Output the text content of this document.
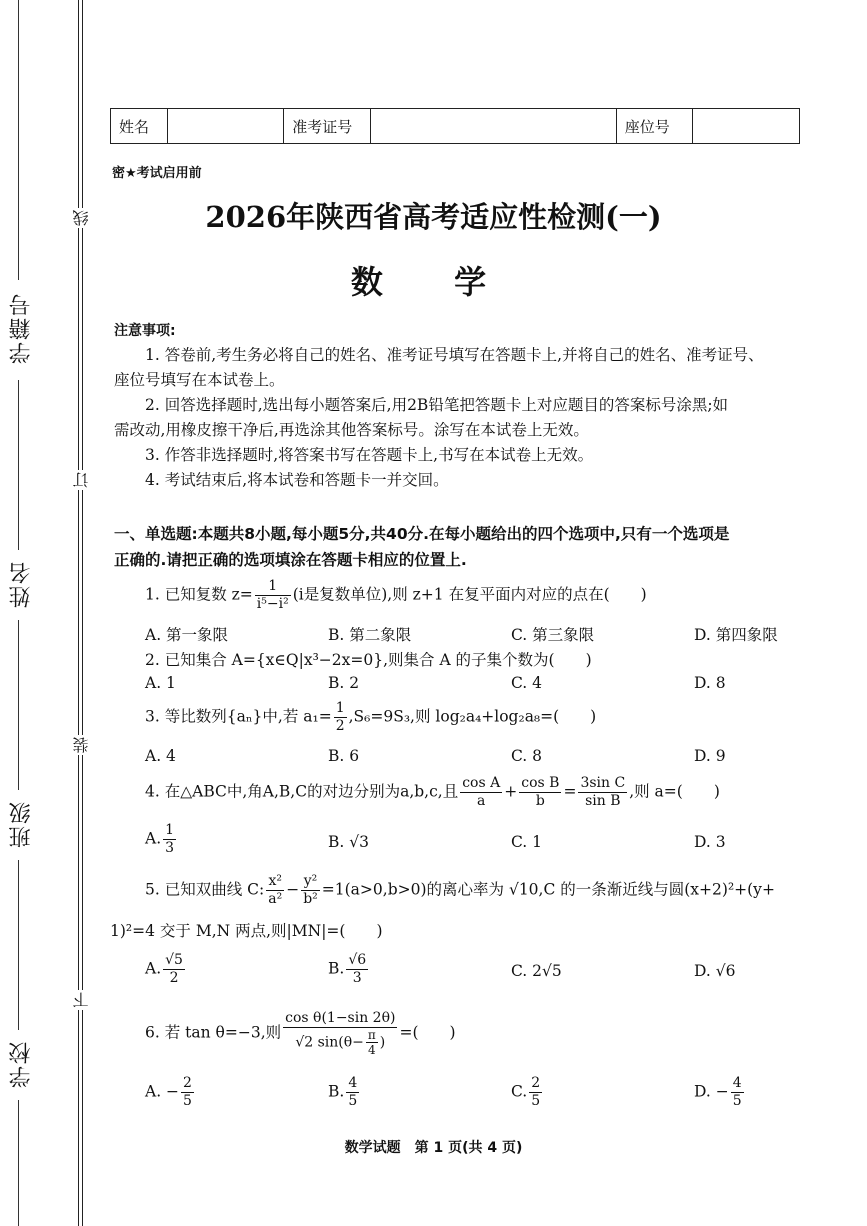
学籍号
姓名
班级
学校
线
订
装
下
姓名		准考证号		座位号	
密★考试启用前
2026年陕西省高考适应性检测(一)
数 学
注意事项:
1. 答卷前,考生务必将自己的姓名、准考证号填写在答题卡上,并将自己的姓名、准考证号、
座位号填写在本试卷上。
2. 回答选择题时,选出每小题答案后,用2B铅笔把答题卡上对应题目的答案标号涂黑;如
需改动,用橡皮擦干净后,再选涂其他答案标号。涂写在本试卷上无效。
3. 作答非选择题时,将答案书写在答题卡上,书写在本试卷上无效。
4. 考试结束后,将本试卷和答题卡一并交回。
一、单选题:本题共8小题,每小题5分,共40分.在每小题给出的四个选项中,只有一个选项是
正确的.请把正确的选项填涂在答题卡相应的位置上.
1. 已知复数 $z= \frac{1}{\text{i⁵−i²}} (i$是复数单位),则 z+1 在复平面内对应的点在(　　)
A. 第一象限	B. 第二象限	C. 第三象限	D. 第四象限
2. 已知集合 A={x∈Q|x³−2x=0},则集合 A 的子集个数为(　　)
A. 1	B. 2	C. 4	D. 8
3. 等比数列{aₙ}中,若 $a_1= \frac{1}{2} ,S_6=9S_3$,则 log₂a₄+log₂a₈=(　　)
A. 4	B. 6	C. 8	D. 9
4. 在△ABC中,角A,B,C的对边分别为a,b,c,且 $\frac{\text{cos A}}{a} + \frac{\text{cos B}}{b} = \frac{\text{3sin C}}{\text{sin B}}$ ,则 a=(　　)
A. $\frac{1}{3}$	B. √3	C. 1	D. 3
5. 已知双曲线 C: $\frac{\text{x²}}{\text{a²}} - \frac{\text{y²}}{\text{b²}} =1(a>0,b>0)$的离心率为 √10,C 的一条渐近线与圆(x+2)²+(y+
1)²=4 交于 M,N 两点,则|MN|=(　　)
A. $\frac{√5}{2}$	B. $\frac{√6}{3}$	C. 2√5	D. √6
6. 若 tan θ=−3,则 $\frac{\text{cos θ(1−sin 2θ)}}{√2 \sin(\theta- \frac{\pi}{4} )}$ =(　　)
A. − $\frac{2}{5}$	B. $\frac{4}{5}$	C. $\frac{2}{5}$	D. − $\frac{4}{5}$
数学试题　第 1 页(共 4 页)
